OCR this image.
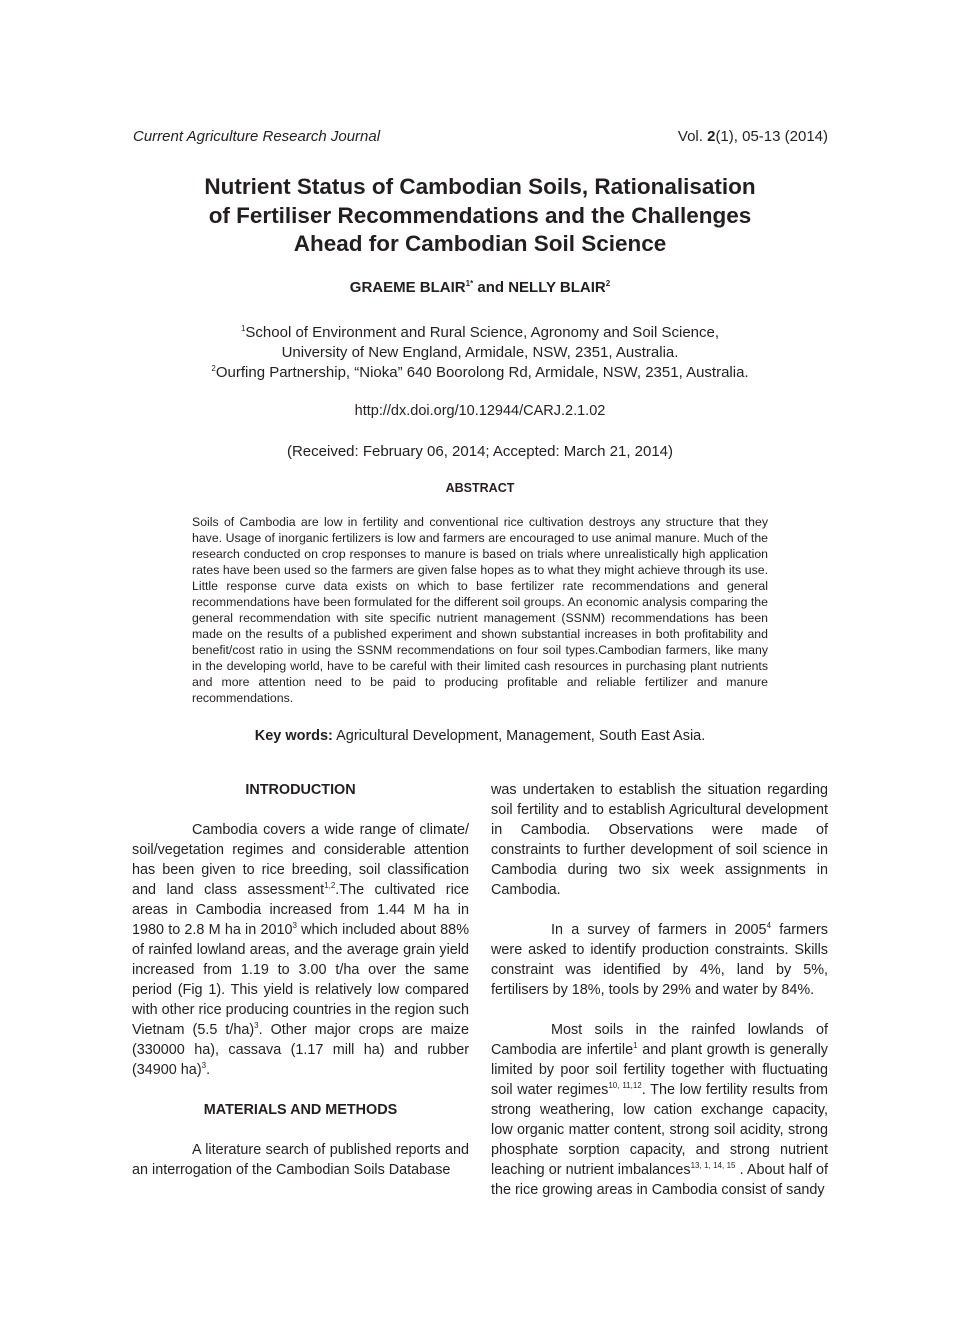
Current Agriculture Research Journal	Vol. 2(1), 05-13 (2014)
Nutrient Status of Cambodian Soils, Rationalisation
of Fertiliser Recommendations and the Challenges
Ahead for Cambodian Soil Science
GRAEME $BLAIR^{1*}$ and NELLY BLAIR$^2$
$^1$School of Environment and Rural Science, Agronomy and Soil Science,
University of New England, Armidale, NSW, 2351, Australia.
$^2$Ourfing Partnership, “Nioka” 640 Boorolong Rd, Armidale, NSW, 2351, Australia.
http://dx.doi.org/10.12944/CARJ.2.1.02
(Received: February 06, 2014; Accepted: March 21, 2014)
ABSTRACT
Soils of Cambodia are low in fertility and conventional rice cultivation destroys any structure that they have. Usage of inorganic fertilizers is low and farmers are encouraged to use animal manure. Much of the research conducted on crop responses to manure is based on trials where unrealistically high application rates have been used so the farmers are given false hopes as to what they might achieve through its use. Little response curve data exists on which to base fertilizer rate recommendations and general recommendations have been formulated for the different soil groups. An economic analysis comparing the general recommendation with site specific nutrient management (SSNM) recommendations has been made on the results of a published experiment and shown substantial increases in both profitability and benefit/cost ratio in using the SSNM recommendations on four soil types.Cambodian farmers, like many in the developing world, have to be careful with their limited cash resources in purchasing plant nutrients and more attention need to be paid to producing profitable and reliable fertilizer and manure recommendations.
Key words: Agricultural Development, Management, South East Asia.
INTRODUCTION
Cambodia covers a wide range of climate/ soil/vegetation regimes and considerable attention has been given to rice breeding, soil classification and land class assessment$^{1,2}$.The cultivated rice areas in Cambodia increased from 1.44 M ha in 1980 to 2.8 M ha in 2010$^3$ which included about 88% of rainfed lowland areas, and the average grain yield increased from 1.19 to 3.00 t/ha over the same period (Fig 1). This yield is relatively low compared with other rice producing countries in the region such Vietnam (5.5 t/ha)$^3$. Other major crops are maize (330000 ha), cassava (1.17 mill ha) and rubber (34900 ha)$^3$.
MATERIALS AND METHODS
A literature search of published reports and an interrogation of the Cambodian Soils Database
was undertaken to establish the situation regarding soil fertility and to establish Agricultural development in Cambodia. Observations were made of constraints to further development of soil science in Cambodia during two six week assignments in Cambodia.
In a survey of farmers in 2005$^4$ farmers were asked to identify production constraints. Skills constraint was identified by 4%, land by 5%, fertilisers by 18%, tools by 29% and water by 84%.
Most soils in the rainfed lowlands of Cambodia are infertile$^1$ and plant growth is generally limited by poor soil fertility together with fluctuating soil water regimes$^{10, 11,12}$. The low fertility results from strong weathering, low cation exchange capacity, low organic matter content, strong soil acidity, strong phosphate sorption capacity, and strong nutrient leaching or nutrient imbalances$^{13, 1, 14, 15}$ . About half of the rice growing areas in Cambodia consist of sandy
